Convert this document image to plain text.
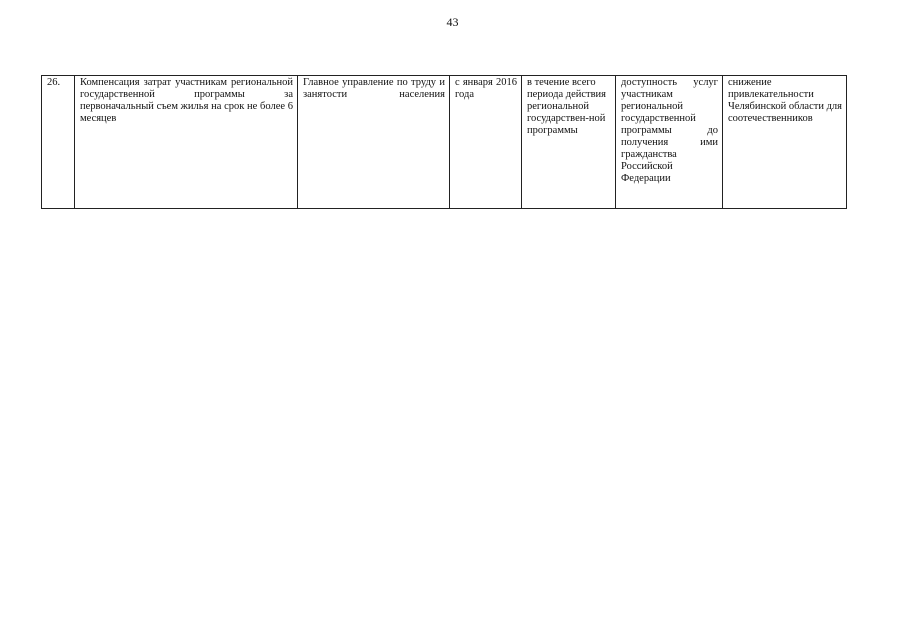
43
26.	Компенсация затрат участникам региональной государственной программы за первоначальный съем жилья на срок не более 6 месяцев	Главное управление по труду и занятости населения	с января 2016 года	в течение всего периода действия региональной государствен-ной программы	доступность услуг участникам региональной государственной программы до получения ими гражданства Российской Федерации	снижение привлекательности Челябинской области для соотечественников
